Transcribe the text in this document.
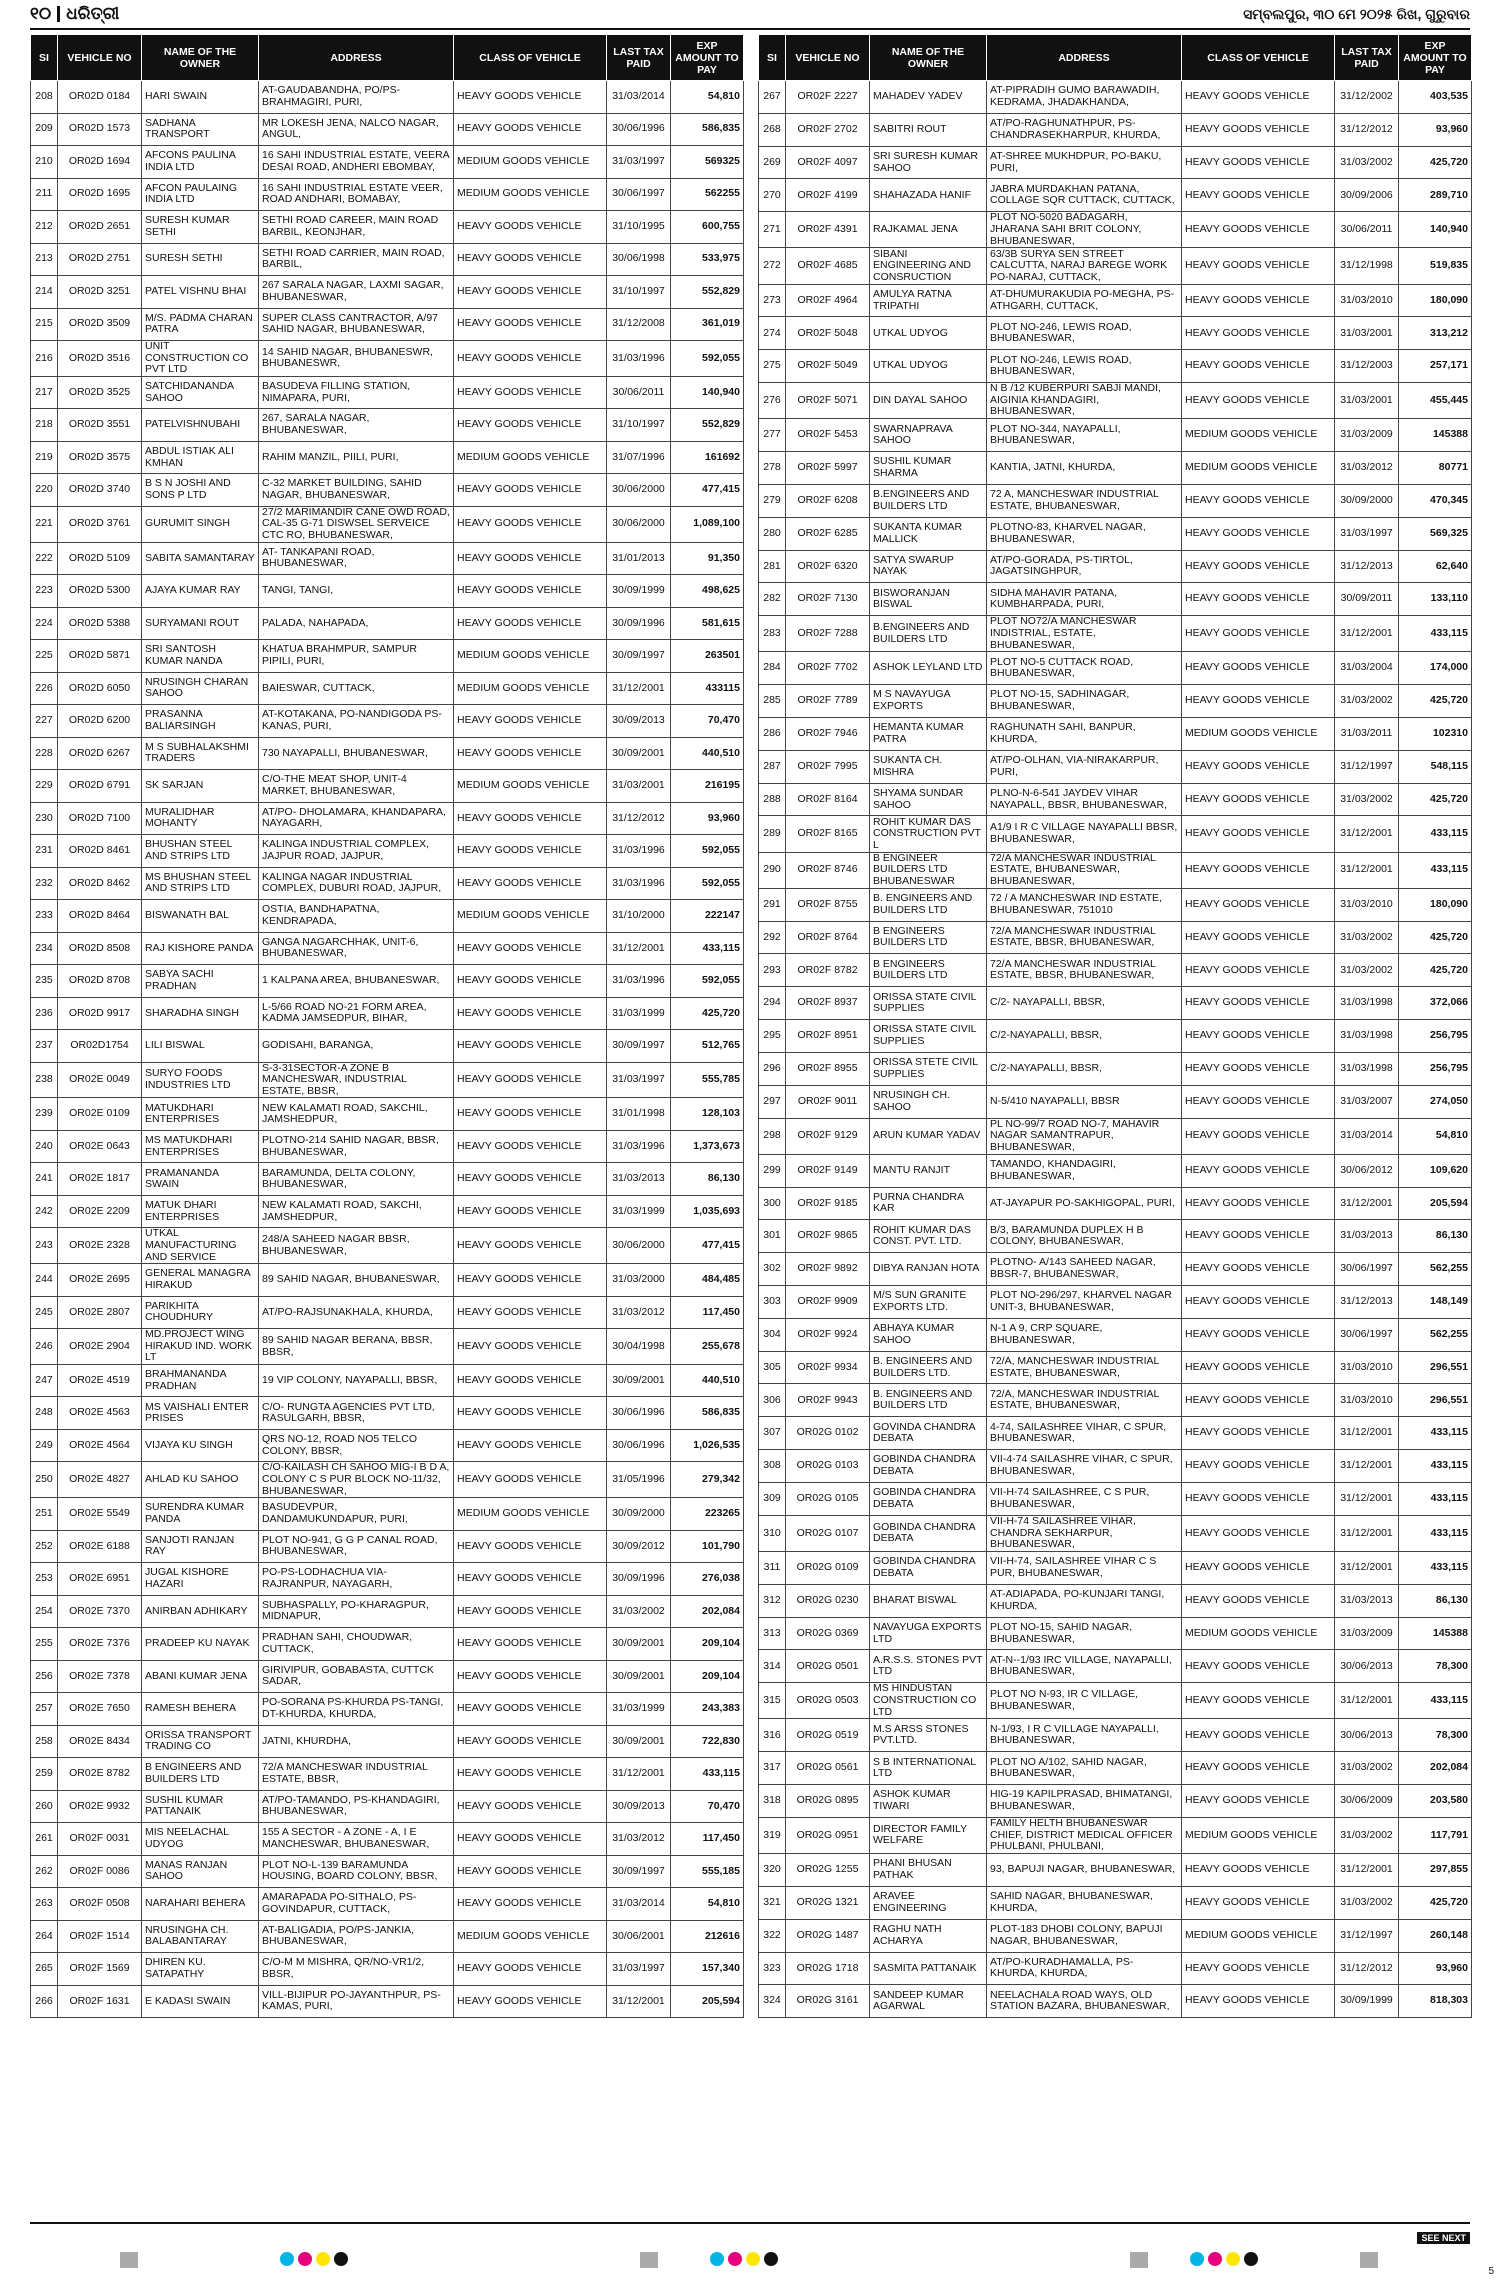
୧୦ ଧରିତ୍ରୀ	ସମ୍ବଲପୁର, ୩୦ ମେ ୨୦୨୫ ରିଖ, ଗୁରୁବାର
SI	VEHICLE NO	NAME OF THE OWNER	ADDRESS	CLASS OF VEHICLE	LAST TAX PAID	EXP AMOUNT TO PAY
208	OR02D 0184	HARI SWAIN	AT-GAUDABANDHA, PO/PS-BRAHMAGIRI, PURI,	HEAVY GOODS VEHICLE	31/03/2014	54,810
209	OR02D 1573	SADHANA TRANSPORT	MR LOKESH JENA, NALCO NAGAR, ANGUL,	HEAVY GOODS VEHICLE	30/06/1996	586,835
210	OR02D 1694	AFCONS PAULINA INDIA LTD	16 SAHI INDUSTRIAL ESTATE, VEERA DESAI ROAD, ANDHERI EBOMBAY,	MEDIUM GOODS VEHICLE	31/03/1997	569325
211	OR02D 1695	AFCON PAULAING INDIA LTD	16 SAHI INDUSTRIAL ESTATE VEER, ROAD ANDHARI, BOMABAY,	MEDIUM GOODS VEHICLE	30/06/1997	562255
212	OR02D 2651	SURESH KUMAR SETHI	SETHI ROAD CAREER, MAIN ROAD BARBIL, KEONJHAR,	HEAVY GOODS VEHICLE	31/10/1995	600,755
213	OR02D 2751	SURESH SETHI	SETHI ROAD CARRIER, MAIN ROAD, BARBIL,	HEAVY GOODS VEHICLE	30/06/1998	533,975
214	OR02D 3251	PATEL VISHNU BHAI	267 SARALA NAGAR, LAXMI SAGAR, BHUBANESWAR,	HEAVY GOODS VEHICLE	31/10/1997	552,829
215	OR02D 3509	M/S. PADMA CHARAN PATRA	SUPER CLASS CANTRACTOR, A/97 SAHID NAGAR, BHUBANESWAR,	HEAVY GOODS VEHICLE	31/12/2008	361,019
216	OR02D 3516	UNIT CONSTRUCTION CO PVT LTD	14 SAHID NAGAR, BHUBANESWR, BHUBANESWR,	HEAVY GOODS VEHICLE	31/03/1996	592,055
217	OR02D 3525	SATCHIDANANDA SAHOO	BASUDEVA FILLING STATION, NIMAPARA, PURI,	HEAVY GOODS VEHICLE	30/06/2011	140,940
218	OR02D 3551	PATELVISHNUBAHI	267, SARALA NAGAR, BHUBANESWAR,	HEAVY GOODS VEHICLE	31/10/1997	552,829
219	OR02D 3575	ABDUL ISTIAK ALI KMHAN	RAHIM MANZIL, PIILI, PURI,	MEDIUM GOODS VEHICLE	31/07/1996	161692
220	OR02D 3740	B S N JOSHI AND SONS P LTD	C-32 MARKET BUILDING, SAHID NAGAR, BHUBANESWAR,	HEAVY GOODS VEHICLE	30/06/2000	477,415
221	OR02D 3761	GURUMIT SINGH	27/2 MARIMANDIR CANE OWD ROAD, CAL-35 G-71 DISWSEL SERVEICE CTC RO, BHUBANESWAR,	HEAVY GOODS VEHICLE	30/06/2000	1,089,100
222	OR02D 5109	SABITA SAMANTARAY	AT- TANKAPANI ROAD, BHUBANESWAR,	HEAVY GOODS VEHICLE	31/01/2013	91,350
223	OR02D 5300	AJAYA KUMAR RAY	TANGI, TANGI,	HEAVY GOODS VEHICLE	30/09/1999	498,625
224	OR02D 5388	SURYAMANI ROUT	PALADA, NAHAPADA,	HEAVY GOODS VEHICLE	30/09/1996	581,615
225	OR02D 5871	SRI SANTOSH KUMAR NANDA	KHATUA BRAHMPUR, SAMPUR PIPILI, PURI,	MEDIUM GOODS VEHICLE	30/09/1997	263501
226	OR02D 6050	NRUSINGH CHARAN SAHOO	BAIESWAR, CUTTACK,	MEDIUM GOODS VEHICLE	31/12/2001	433115
227	OR02D 6200	PRASANNA BALIARSINGH	AT-KOTAKANA, PO-NANDIGODA PS-KANAS, PURI,	HEAVY GOODS VEHICLE	30/09/2013	70,470
228	OR02D 6267	M S SUBHALAKSHMI TRADERS	730 NAYAPALLI, BHUBANESWAR,	HEAVY GOODS VEHICLE	30/09/2001	440,510
229	OR02D 6791	SK SARJAN	C/O-THE MEAT SHOP, UNIT-4 MARKET, BHUBANESWAR,	MEDIUM GOODS VEHICLE	31/03/2001	216195
230	OR02D 7100	MURALIDHAR MOHANTY	AT/PO- DHOLAMARA, KHANDAPARA, NAYAGARH,	HEAVY GOODS VEHICLE	31/12/2012	93,960
231	OR02D 8461	BHUSHAN STEEL AND STRIPS LTD	KALINGA INDUSTRIAL COMPLEX, JAJPUR ROAD, JAJPUR,	HEAVY GOODS VEHICLE	31/03/1996	592,055
232	OR02D 8462	MS BHUSHAN STEEL AND STRIPS LTD	KALINGA NAGAR INDUSTRIAL COMPLEX, DUBURI ROAD, JAJPUR,	HEAVY GOODS VEHICLE	31/03/1996	592,055
233	OR02D 8464	BISWANATH BAL	OSTIA, BANDHAPATNA, KENDRAPADA,	MEDIUM GOODS VEHICLE	31/10/2000	222147
234	OR02D 8508	RAJ KISHORE PANDA	GANGA NAGARCHHAK, UNIT-6, BHUBANESWAR,	HEAVY GOODS VEHICLE	31/12/2001	433,115
235	OR02D 8708	SABYA SACHI PRADHAN	1 KALPANA AREA, BHUBANESWAR,	HEAVY GOODS VEHICLE	31/03/1996	592,055
236	OR02D 9917	SHARADHA SINGH	L-5/66 ROAD NO-21 FORM AREA, KADMA JAMSEDPUR, BIHAR,	HEAVY GOODS VEHICLE	31/03/1999	425,720
237	OR02D1754	LILI BISWAL	GODISAHI, BARANGA,	HEAVY GOODS VEHICLE	30/09/1997	512,765
238	OR02E 0049	SURYO FOODS INDUSTRIES LTD	S-3-31SECTOR-A ZONE B MANCHESWAR, INDUSTRIAL ESTATE, BBSR,	HEAVY GOODS VEHICLE	31/03/1997	555,785
239	OR02E 0109	MATUKDHARI ENTERPRISES	NEW KALAMATI ROAD, SAKCHIL, JAMSHEDPUR,	HEAVY GOODS VEHICLE	31/01/1998	128,103
240	OR02E 0643	MS MATUKDHARI ENTERPRISES	PLOTNO-214 SAHID NAGAR, BBSR, BHUBANESWAR,	HEAVY GOODS VEHICLE	31/03/1996	1,373,673
241	OR02E 1817	PRAMANANDA SWAIN	BARAMUNDA, DELTA COLONY, BHUBANESWAR,	HEAVY GOODS VEHICLE	31/03/2013	86,130
242	OR02E 2209	MATUK DHARI ENTERPRISES	NEW KALAMATI ROAD, SAKCHI, JAMSHEDPUR,	HEAVY GOODS VEHICLE	31/03/1999	1,035,693
243	OR02E 2328	UTKAL MANUFACTURING AND SERVICE	248/A SAHEED NAGAR BBSR, BHUBANESWAR,	HEAVY GOODS VEHICLE	30/06/2000	477,415
244	OR02E 2695	GENERAL MANAGRA HIRAKUD	89 SAHID NAGAR, BHUBANESWAR,	HEAVY GOODS VEHICLE	31/03/2000	484,485
245	OR02E 2807	PARIKHITA CHOUDHURY	AT/PO-RAJSUNAKHALA, KHURDA,	HEAVY GOODS VEHICLE	31/03/2012	117,450
246	OR02E 2904	MD.PROJECT WING HIRAKUD IND. WORK LT	89 SAHID NAGAR BERANA, BBSR, BBSR,	HEAVY GOODS VEHICLE	30/04/1998	255,678
247	OR02E 4519	BRAHMANANDA PRADHAN	19 VIP COLONY, NAYAPALLI, BBSR,	HEAVY GOODS VEHICLE	30/09/2001	440,510
248	OR02E 4563	MS VAISHALI ENTER PRISES	C/O- RUNGTA AGENCIES PVT LTD, RASULGARH, BBSR,	HEAVY GOODS VEHICLE	30/06/1996	586,835
249	OR02E 4564	VIJAYA KU SINGH	QRS NO-12, ROAD NO5 TELCO COLONY, BBSR,	HEAVY GOODS VEHICLE	30/06/1996	1,026,535
250	OR02E 4827	AHLAD KU SAHOO	C/O-KAILASH CH SAHOO MIG-I B D A, COLONY C S PUR BLOCK NO-11/32, BHUBANESWAR,	HEAVY GOODS VEHICLE	31/05/1996	279,342
251	OR02E 5549	SURENDRA KUMAR PANDA	BASUDEVPUR, DANDAMUKUNDAPUR, PURI,	MEDIUM GOODS VEHICLE	30/09/2000	223265
252	OR02E 6188	SANJOTI RANJAN RAY	PLOT NO-941, G G P CANAL ROAD, BHUBANESWAR,	HEAVY GOODS VEHICLE	30/09/2012	101,790
253	OR02E 6951	JUGAL KISHORE HAZARI	PO-PS-LODHACHUA VIA-RAJRANPUR, NAYAGARH,	HEAVY GOODS VEHICLE	30/09/1996	276,038
254	OR02E 7370	ANIRBAN ADHIKARY	SUBHASPALLY, PO-KHARAGPUR, MIDNAPUR,	HEAVY GOODS VEHICLE	31/03/2002	202,084
255	OR02E 7376	PRADEEP KU NAYAK	PRADHAN SAHI, CHOUDWAR, CUTTACK,	HEAVY GOODS VEHICLE	30/09/2001	209,104
256	OR02E 7378	ABANI KUMAR JENA	GIRIVIPUR, GOBABASTA, CUTTCK SADAR,	HEAVY GOODS VEHICLE	30/09/2001	209,104
257	OR02E 7650	RAMESH BEHERA	PO-SORANA PS-KHURDA PS-TANGI, DT-KHURDA, KHURDA,	HEAVY GOODS VEHICLE	31/03/1999	243,383
258	OR02E 8434	ORISSA TRANSPORT TRADING CO	JATNI, KHURDHA,	HEAVY GOODS VEHICLE	30/09/2001	722,830
259	OR02E 8782	B ENGINEERS AND BUILDERS LTD	72/A MANCHESWAR INDUSTRIAL ESTATE, BBSR,	HEAVY GOODS VEHICLE	31/12/2001	433,115
260	OR02E 9932	SUSHIL KUMAR PATTANAIK	AT/PO-TAMANDO, PS-KHANDAGIRI, BHUBANESWAR,	HEAVY GOODS VEHICLE	30/09/2013	70,470
261	OR02F 0031	MIS NEELACHAL UDYOG	155 A SECTOR - A ZONE - A, I E MANCHESWAR, BHUBANESWAR,	HEAVY GOODS VEHICLE	31/03/2012	117,450
262	OR02F 0086	MANAS RANJAN SAHOO	PLOT NO-L-139 BARAMUNDA HOUSING, BOARD COLONY, BBSR,	HEAVY GOODS VEHICLE	30/09/1997	555,185
263	OR02F 0508	NARAHARI BEHERA	AMARAPADA PO-SITHALO, PS-GOVINDAPUR, CUTTACK,	HEAVY GOODS VEHICLE	31/03/2014	54,810
264	OR02F 1514	NRUSINGHA CH. BALABANTARAY	AT-BALIGADIA, PO/PS-JANKIA, BHUBANESWAR,	MEDIUM GOODS VEHICLE	30/06/2001	212616
265	OR02F 1569	DHIREN KU. SATAPATHY	C/O-M M MISHRA, QR/NO-VR1/2, BBSR,	HEAVY GOODS VEHICLE	31/03/1997	157,340
266	OR02F 1631	E KADASI SWAIN	VILL-BIJIPUR PO-JAYANTHPUR, PS-KAMAS, PURI,	HEAVY GOODS VEHICLE	31/12/2001	205,594
SI	VEHICLE NO	NAME OF THE OWNER	ADDRESS	CLASS OF VEHICLE	LAST TAX PAID	EXP AMOUNT TO PAY
267	OR02F 2227	MAHADEV YADEV	AT-PIPRADIH GUMO BARAWADIH, KEDRAMA, JHADAKHANDA,	HEAVY GOODS VEHICLE	31/12/2002	403,535
268	OR02F 2702	SABITRI ROUT	AT/PO-RAGHUNATHPUR, PS-CHANDRASEKHARPUR, KHURDA,	HEAVY GOODS VEHICLE	31/12/2012	93,960
269	OR02F 4097	SRI SURESH KUMAR SAHOO	AT-SHREE MUKHDPUR, PO-BAKU, PURI,	HEAVY GOODS VEHICLE	31/03/2002	425,720
270	OR02F 4199	SHAHAZADA HANIF	JABRA MURDAKHAN PATANA, COLLAGE SQR CUTTACK, CUTTACK,	HEAVY GOODS VEHICLE	30/09/2006	289,710
271	OR02F 4391	RAJKAMAL JENA	PLOT NO-5020 BADAGARH, JHARANA SAHI BRIT COLONY, BHUBANESWAR,	HEAVY GOODS VEHICLE	30/06/2011	140,940
272	OR02F 4685	SIBANI ENGINEERING AND CONSRUCTION	63/3B SURYA SEN STREET CALCUTTA, NARAJ BAREGE WORK PO-NARAJ, CUTTACK,	HEAVY GOODS VEHICLE	31/12/1998	519,835
273	OR02F 4964	AMULYA RATNA TRIPATHI	AT-DHUMURAKUDIA PO-MEGHA, PS-ATHGARH, CUTTACK,	HEAVY GOODS VEHICLE	31/03/2010	180,090
274	OR02F 5048	UTKAL UDYOG	PLOT NO-246, LEWIS ROAD, BHUBANESWAR,	HEAVY GOODS VEHICLE	31/03/2001	313,212
275	OR02F 5049	UTKAL UDYOG	PLOT NO-246, LEWIS ROAD, BHUBANESWAR,	HEAVY GOODS VEHICLE	31/12/2003	257,171
276	OR02F 5071	DIN DAYAL SAHOO	N B /12 KUBERPURI SABJI MANDI, AIGINIA KHANDAGIRI, BHUBANESWAR,	HEAVY GOODS VEHICLE	31/03/2001	455,445
277	OR02F 5453	SWARNAPRAVA SAHOO	PLOT NO-344, NAYAPALLI, BHUBANESWAR,	MEDIUM GOODS VEHICLE	31/03/2009	145388
278	OR02F 5997	SUSHIL KUMAR SHARMA	KANTIA, JATNI, KHURDA,	MEDIUM GOODS VEHICLE	31/03/2012	80771
279	OR02F 6208	B.ENGINEERS AND BUILDERS LTD	72 A, MANCHESWAR INDUSTRIAL ESTATE, BHUBANESWAR,	HEAVY GOODS VEHICLE	30/09/2000	470,345
280	OR02F 6285	SUKANTA KUMAR MALLICK	PLOTNO-83, KHARVEL NAGAR, BHUBANESWAR,	HEAVY GOODS VEHICLE	31/03/1997	569,325
281	OR02F 6320	SATYA SWARUP NAYAK	AT/PO-GORADA, PS-TIRTOL, JAGATSINGHPUR,	HEAVY GOODS VEHICLE	31/12/2013	62,640
282	OR02F 7130	BISWORANJAN BISWAL	SIDHA MAHAVIR PATANA, KUMBHARPADA, PURI,	HEAVY GOODS VEHICLE	30/09/2011	133,110
283	OR02F 7288	B.ENGINEERS AND BUILDERS LTD	PLOT NO72/A MANCHESWAR INDISTRIAL, ESTATE, BHUBANESWAR,	HEAVY GOODS VEHICLE	31/12/2001	433,115
284	OR02F 7702	ASHOK LEYLAND LTD	PLOT NO-5 CUTTACK ROAD, BHUBANESWAR,	HEAVY GOODS VEHICLE	31/03/2004	174,000
285	OR02F 7789	M S NAVAYUGA EXPORTS	PLOT NO-15, SADHINAGAR, BHUBANESWAR,	HEAVY GOODS VEHICLE	31/03/2002	425,720
286	OR02F 7946	HEMANTA KUMAR PATRA	RAGHUNATH SAHI, BANPUR, KHURDA,	MEDIUM GOODS VEHICLE	31/03/2011	102310
287	OR02F 7995	SUKANTA CH. MISHRA	AT/PO-OLHAN, VIA-NIRAKARPUR, PURI,	HEAVY GOODS VEHICLE	31/12/1997	548,115
288	OR02F 8164	SHYAMA SUNDAR SAHOO	PLNO-N-6-541 JAYDEV VIHAR NAYAPALL, BBSR, BHUBANESWAR,	HEAVY GOODS VEHICLE	31/03/2002	425,720
289	OR02F 8165	ROHIT KUMAR DAS CONSTRUCTION PVT L	A1/9 I R C VILLAGE NAYAPALLI BBSR, BHUBANESWAR,	HEAVY GOODS VEHICLE	31/12/2001	433,115
290	OR02F 8746	B ENGINEER BUILDERS LTD BHUBANESWAR	72/A MANCHESWAR INDUSTRIAL ESTATE, BHUBANESWAR, BHUBANESWAR,	HEAVY GOODS VEHICLE	31/12/2001	433,115
291	OR02F 8755	B. ENGINEERS AND BUILDERS LTD	72 / A MANCHESWAR IND ESTATE, BHUBANESWAR, 751010	HEAVY GOODS VEHICLE	31/03/2010	180,090
292	OR02F 8764	B ENGINEERS BUILDERS LTD	72/A MANCHESWAR INDUSTRIAL ESTATE, BBSR, BHUBANESWAR,	HEAVY GOODS VEHICLE	31/03/2002	425,720
293	OR02F 8782	B ENGINEERS BUILDERS LTD	72/A MANCHESWAR INDUSTRIAL ESTATE, BBSR, BHUBANESWAR,	HEAVY GOODS VEHICLE	31/03/2002	425,720
294	OR02F 8937	ORISSA STATE CIVIL SUPPLIES	C/2- NAYAPALLI, BBSR,	HEAVY GOODS VEHICLE	31/03/1998	372,066
295	OR02F 8951	ORISSA STATE CIVIL SUPPLIES	C/2-NAYAPALLI, BBSR,	HEAVY GOODS VEHICLE	31/03/1998	256,795
296	OR02F 8955	ORISSA STETE CIVIL SUPPLIES	C/2-NAYAPALLI, BBSR,	HEAVY GOODS VEHICLE	31/03/1998	256,795
297	OR02F 9011	NRUSINGH CH. SAHOO	N-5/410 NAYAPALLI, BBSR	HEAVY GOODS VEHICLE	31/03/2007	274,050
298	OR02F 9129	ARUN KUMAR YADAV	PL NO-99/7 ROAD NO-7, MAHAVIR NAGAR SAMANTRAPUR, BHUBANESWAR,	HEAVY GOODS VEHICLE	31/03/2014	54,810
299	OR02F 9149	MANTU RANJIT	TAMANDO, KHANDAGIRI, BHUBANESWAR,	HEAVY GOODS VEHICLE	30/06/2012	109,620
300	OR02F 9185	PURNA CHANDRA KAR	AT-JAYAPUR PO-SAKHIGOPAL, PURI,	HEAVY GOODS VEHICLE	31/12/2001	205,594
301	OR02F 9865	ROHIT KUMAR DAS CONST. PVT. LTD.	B/3, BARAMUNDA DUPLEX H B COLONY, BHUBANESWAR,	HEAVY GOODS VEHICLE	31/03/2013	86,130
302	OR02F 9892	DIBYA RANJAN HOTA	PLOTNO- A/143 SAHEED NAGAR, BBSR-7, BHUBANESWAR,	HEAVY GOODS VEHICLE	30/06/1997	562,255
303	OR02F 9909	M/S SUN GRANITE EXPORTS LTD.	PLOT NO-296/297, KHARVEL NAGAR UNIT-3, BHUBANESWAR,	HEAVY GOODS VEHICLE	31/12/2013	148,149
304	OR02F 9924	ABHAYA KUMAR SAHOO	N-1 A 9, CRP SQUARE, BHUBANESWAR,	HEAVY GOODS VEHICLE	30/06/1997	562,255
305	OR02F 9934	B. ENGINEERS AND BUILDERS LTD.	72/A, MANCHESWAR INDUSTRIAL ESTATE, BHUBANESWAR,	HEAVY GOODS VEHICLE	31/03/2010	296,551
306	OR02F 9943	B. ENGINEERS AND BUILDERS LTD	72/A, MANCHESWAR INDUSTRIAL ESTATE, BHUBANESWAR,	HEAVY GOODS VEHICLE	31/03/2010	296,551
307	OR02G 0102	GOVINDA CHANDRA DEBATA	4-74, SAILASHREE VIHAR, C SPUR, BHUBANESWAR,	HEAVY GOODS VEHICLE	31/12/2001	433,115
308	OR02G 0103	GOBINDA CHANDRA DEBATA	VII-4-74 SAILASHRE VIHAR, C SPUR, BHUBANESWAR,	HEAVY GOODS VEHICLE	31/12/2001	433,115
309	OR02G 0105	GOBINDA CHANDRA DEBATA	VII-H-74 SAILASHREE, C S PUR, BHUBANESWAR,	HEAVY GOODS VEHICLE	31/12/2001	433,115
310	OR02G 0107	GOBINDA CHANDRA DEBATA	VII-H-74 SAILASHREE VIHAR, CHANDRA SEKHARPUR, BHUBANESWAR,	HEAVY GOODS VEHICLE	31/12/2001	433,115
311	OR02G 0109	GOBINDA CHANDRA DEBATA	VII-H-74, SAILASHREE VIHAR C S PUR, BHUBANESWAR,	HEAVY GOODS VEHICLE	31/12/2001	433,115
312	OR02G 0230	BHARAT BISWAL	AT-ADIAPADA, PO-KUNJARI TANGI, KHURDA,	HEAVY GOODS VEHICLE	31/03/2013	86,130
313	OR02G 0369	NAVAYUGA EXPORTS LTD	PLOT NO-15, SAHID NAGAR, BHUBANESWAR,	MEDIUM GOODS VEHICLE	31/03/2009	145388
314	OR02G 0501	A.R.S.S. STONES PVT LTD	AT-N--1/93 IRC VILLAGE, NAYAPALLI, BHUBANESWAR,	HEAVY GOODS VEHICLE	30/06/2013	78,300
315	OR02G 0503	MS HINDUSTAN CONSTRUCTION CO LTD	PLOT NO N-93, IR C VILLAGE, BHUBANESWAR,	HEAVY GOODS VEHICLE	31/12/2001	433,115
316	OR02G 0519	M.S ARSS STONES PVT.LTD.	N-1/93, I R C VILLAGE NAYAPALLI, BHUBANESWAR,	HEAVY GOODS VEHICLE	30/06/2013	78,300
317	OR02G 0561	S B INTERNATIONAL LTD	PLOT NO A/102, SAHID NAGAR, BHUBANESWAR,	HEAVY GOODS VEHICLE	31/03/2002	202,084
318	OR02G 0895	ASHOK KUMAR TIWARI	HIG-19 KAPILPRASAD, BHIMATANGI, BHUBANESWAR,	HEAVY GOODS VEHICLE	30/06/2009	203,580
319	OR02G 0951	DIRECTOR FAMILY WELFARE	FAMILY HELTH BHUBANESWAR CHIEF, DISTRICT MEDICAL OFFICER PHULBANI, PHULBANI,	MEDIUM GOODS VEHICLE	31/03/2002	117,791
320	OR02G 1255	PHANI BHUSAN PATHAK	93, BAPUJI NAGAR, BHUBANESWAR,	HEAVY GOODS VEHICLE	31/12/2001	297,855
321	OR02G 1321	ARAVEE ENGINEERING	SAHID NAGAR, BHUBANESWAR, KHURDA,	HEAVY GOODS VEHICLE	31/03/2002	425,720
322	OR02G 1487	RAGHU NATH ACHARYA	PLOT-183 DHOBI COLONY, BAPUJI NAGAR, BHUBANESWAR,	MEDIUM GOODS VEHICLE	31/12/1997	260,148
323	OR02G 1718	SASMITA PATTANAIK	AT/PO-KURADHAMALLA, PS-KHURDA, KHURDA,	HEAVY GOODS VEHICLE	31/12/2012	93,960
324	OR02G 3161	SANDEEP KUMAR AGARWAL	NEELACHALA ROAD WAYS, OLD STATION BAZARA, BHUBANESWAR,	HEAVY GOODS VEHICLE	30/09/1999	818,303
SEE NEXT
5
